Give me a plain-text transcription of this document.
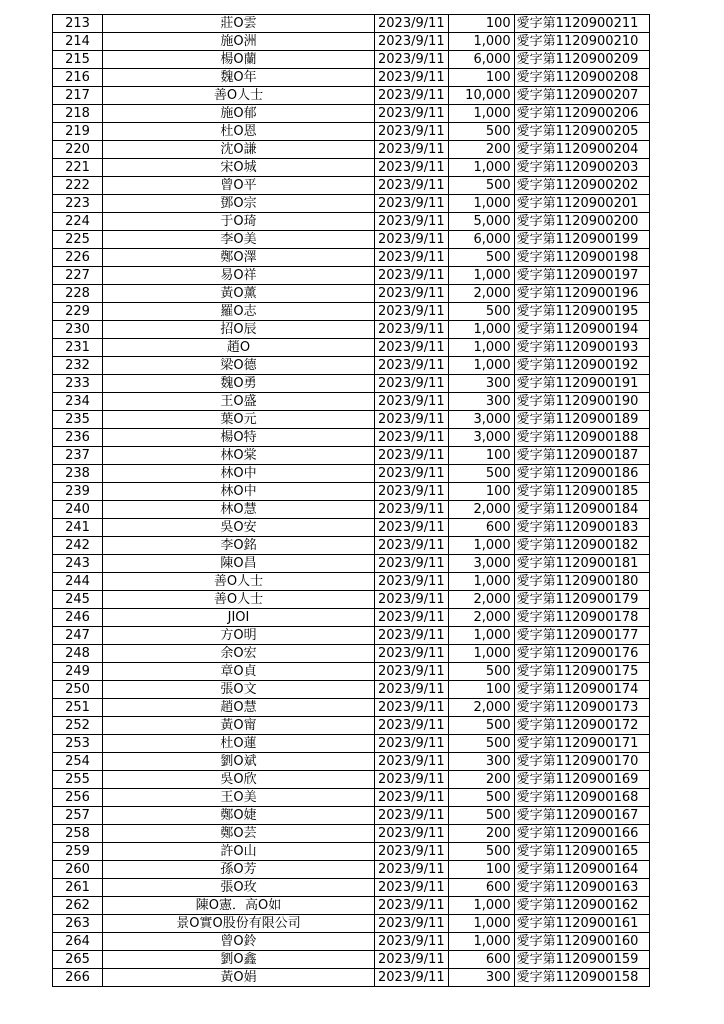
213	莊O雲	2023/9/11	100	愛字第1120900211
214	施O洲	2023/9/11	1,000	愛字第1120900210
215	楊O蘭	2023/9/11	6,000	愛字第1120900209
216	魏O年	2023/9/11	100	愛字第1120900208
217	善O人士	2023/9/11	10,000	愛字第1120900207
218	施O郁	2023/9/11	1,000	愛字第1120900206
219	杜O恩	2023/9/11	500	愛字第1120900205
220	沈O謙	2023/9/11	200	愛字第1120900204
221	宋O城	2023/9/11	1,000	愛字第1120900203
222	曾O平	2023/9/11	500	愛字第1120900202
223	鄧O宗	2023/9/11	1,000	愛字第1120900201
224	于O琦	2023/9/11	5,000	愛字第1120900200
225	李O美	2023/9/11	6,000	愛字第1120900199
226	鄭O澤	2023/9/11	500	愛字第1120900198
227	易O祥	2023/9/11	1,000	愛字第1120900197
228	黃O薰	2023/9/11	2,000	愛字第1120900196
229	羅O志	2023/9/11	500	愛字第1120900195
230	招O辰	2023/9/11	1,000	愛字第1120900194
231	趙O	2023/9/11	1,000	愛字第1120900193
232	梁O德	2023/9/11	1,000	愛字第1120900192
233	魏O勇	2023/9/11	300	愛字第1120900191
234	王O盛	2023/9/11	300	愛字第1120900190
235	葉O元	2023/9/11	3,000	愛字第1120900189
236	楊O特	2023/9/11	3,000	愛字第1120900188
237	林O棠	2023/9/11	100	愛字第1120900187
238	林O中	2023/9/11	500	愛字第1120900186
239	林O中	2023/9/11	100	愛字第1120900185
240	林O慧	2023/9/11	2,000	愛字第1120900184
241	吳O安	2023/9/11	600	愛字第1120900183
242	李O銘	2023/9/11	1,000	愛字第1120900182
243	陳O昌	2023/9/11	3,000	愛字第1120900181
244	善O人士	2023/9/11	1,000	愛字第1120900180
245	善O人士	2023/9/11	2,000	愛字第1120900179
246	JIOI	2023/9/11	2,000	愛字第1120900178
247	方O明	2023/9/11	1,000	愛字第1120900177
248	余O宏	2023/9/11	1,000	愛字第1120900176
249	章O貞	2023/9/11	500	愛字第1120900175
250	張O文	2023/9/11	100	愛字第1120900174
251	趙O慧	2023/9/11	2,000	愛字第1120900173
252	黃O甯	2023/9/11	500	愛字第1120900172
253	杜O蓮	2023/9/11	500	愛字第1120900171
254	劉O斌	2023/9/11	300	愛字第1120900170
255	吳O欣	2023/9/11	200	愛字第1120900169
256	王O美	2023/9/11	500	愛字第1120900168
257	鄭O婕	2023/9/11	500	愛字第1120900167
258	鄭O芸	2023/9/11	200	愛字第1120900166
259	許O山	2023/9/11	500	愛字第1120900165
260	孫O芳	2023/9/11	100	愛字第1120900164
261	張O玫	2023/9/11	600	愛字第1120900163
262	陳O憲．高O如	2023/9/11	1,000	愛字第1120900162
263	景O實O股份有限公司	2023/9/11	1,000	愛字第1120900161
264	曾O鈴	2023/9/11	1,000	愛字第1120900160
265	劉O鑫	2023/9/11	600	愛字第1120900159
266	黃O娟	2023/9/11	300	愛字第1120900158
